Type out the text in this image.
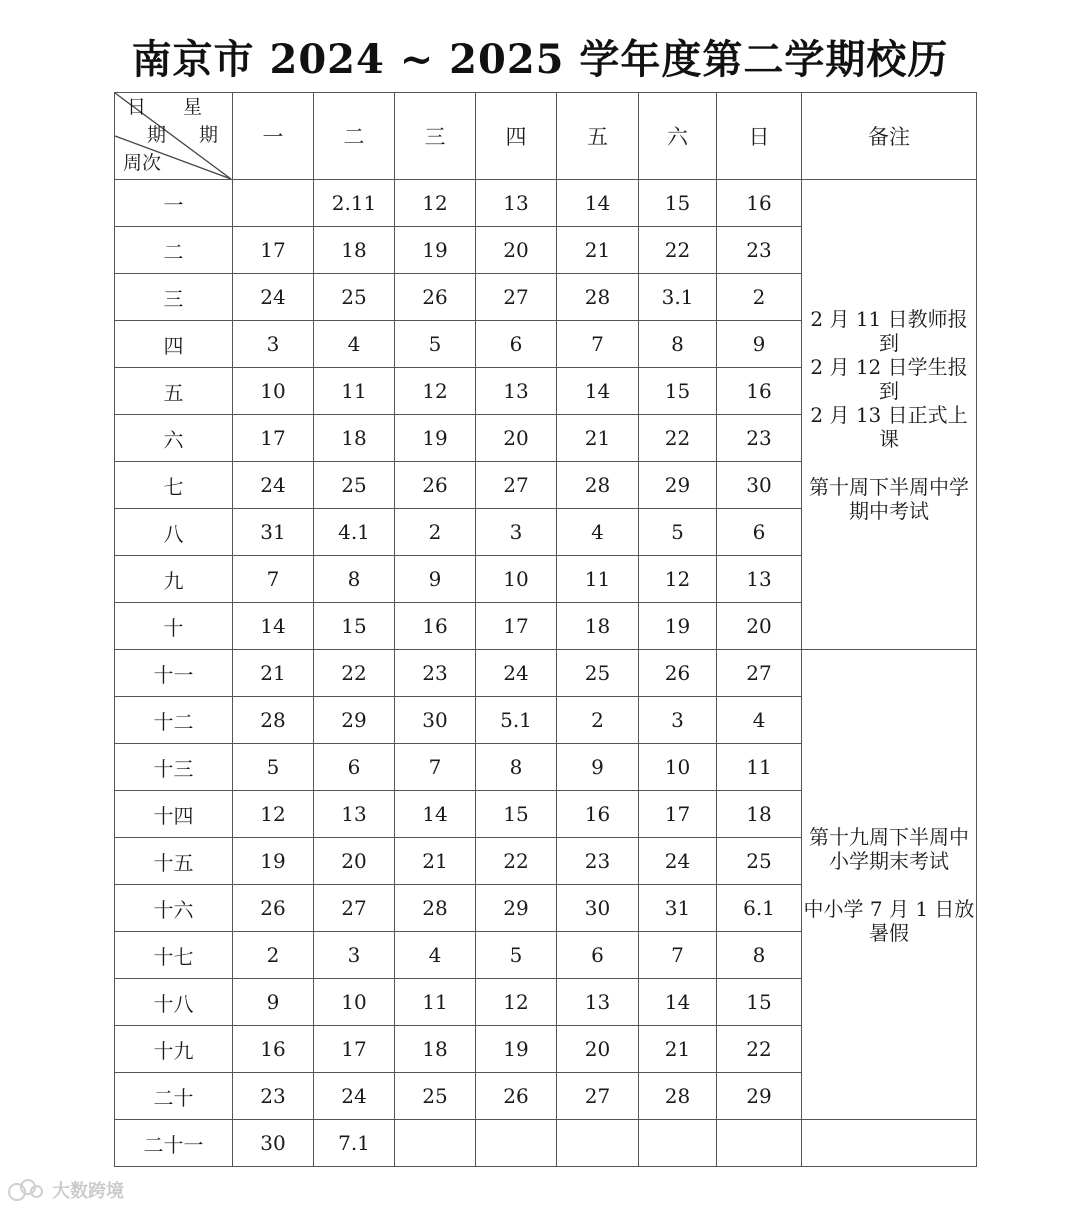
南京市 2024 ~ 2025 学年度第二学期校历
日 星
期 期
周次	一	二	三	四	五	六	日	备注
一		2.11	12	13	14	15	16	2 月 11 日教师报到
2 月 12 日学生报到
2 月 13 日正式上课
第十周下半周中学
期中考试

二	17	18	19	20	21	22	23	
三	24	25	26	27	28	3.1	2	
四	3	4	5	6	7	8	9	
五	10	11	12	13	14	15	16	
六	17	18	19	20	21	22	23	
七	24	25	26	27	28	29	30	
八	31	4.1	2	3	4	5	6	
九	7	8	9	10	11	12	13	
十	14	15	16	17	18	19	20	
十一	21	22	23	24	25	26	27	第十九周下半周中
小学期末考试
中小学 7 月 1 日放
暑假

十二	28	29	30	5.1	2	3	4	
十三	5	6	7	8	9	10	11	
十四	12	13	14	15	16	17	18	
十五	19	20	21	22	23	24	25	
十六	26	27	28	29	30	31	6.1	
十七	2	3	4	5	6	7	8	
十八	9	10	11	12	13	14	15	
十九	16	17	18	19	20	21	22	
二十	23	24	25	26	27	28	29	
二十一	30	7.1						
大数跨境
